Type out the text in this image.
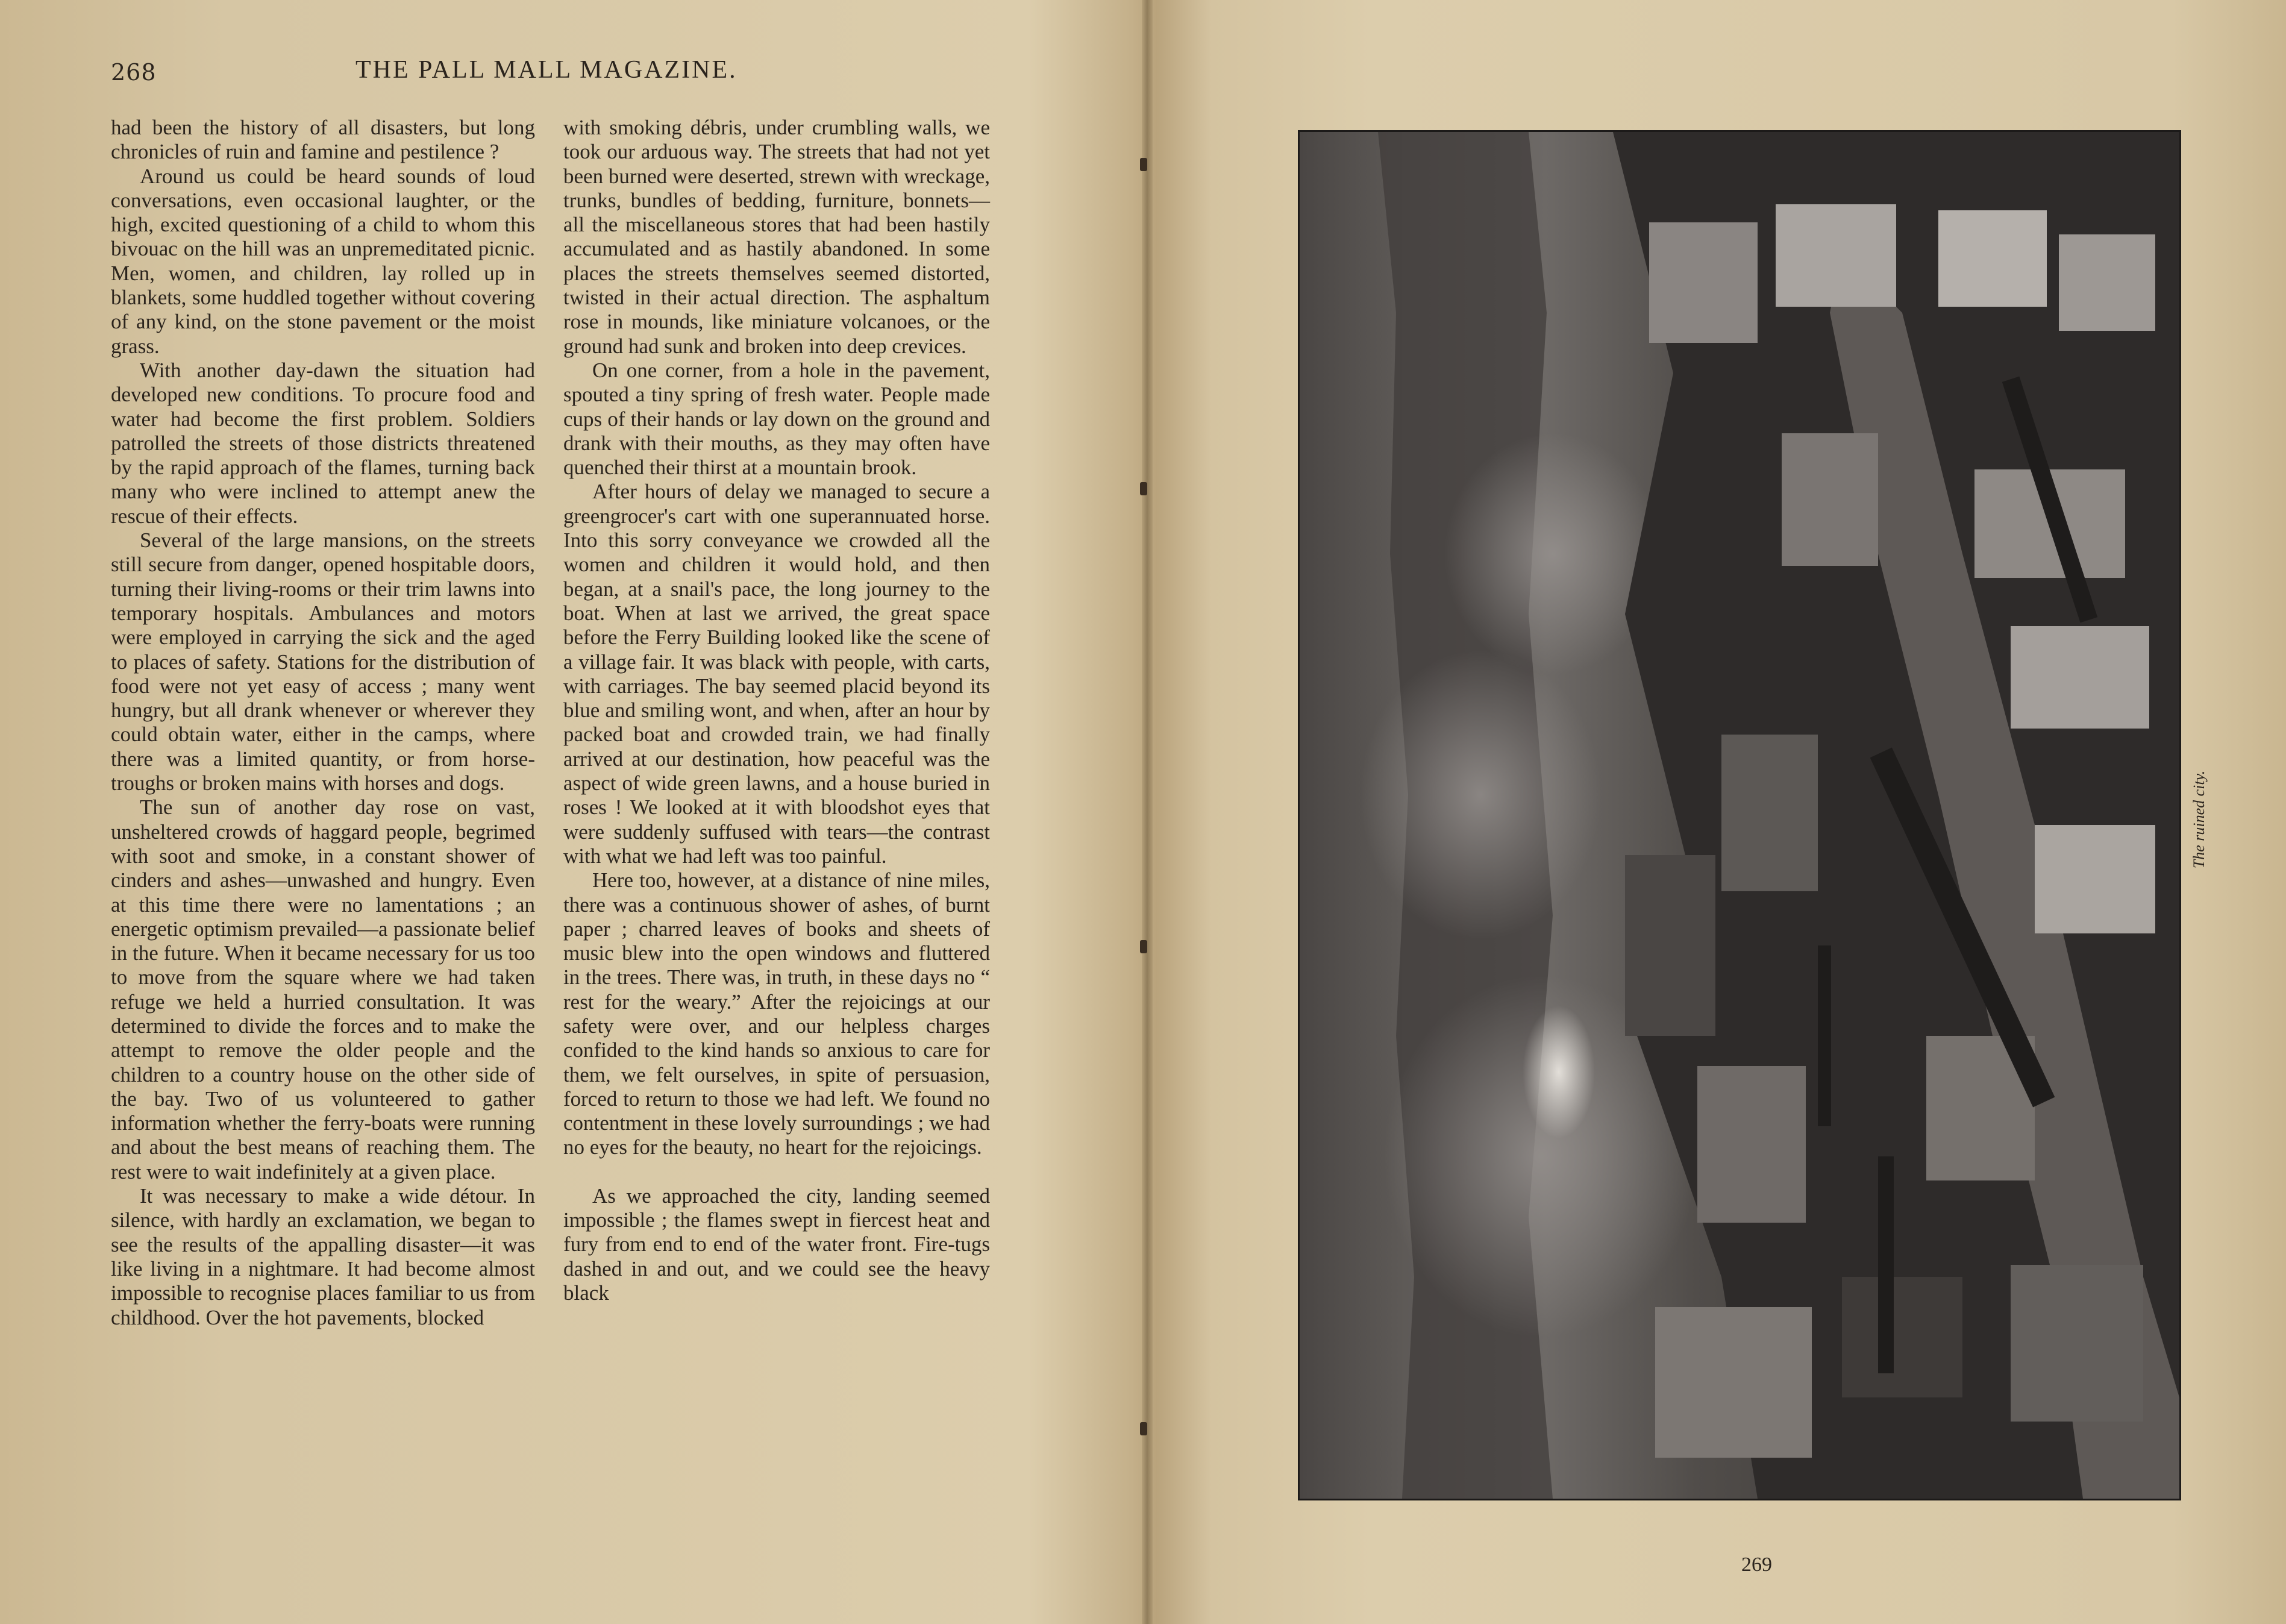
268	THE PALL MALL MAGAZINE.

had been the history of all disasters, but long chronicles of ruin and famine and pestilence ?

Around us could be heard sounds of loud conversations, even occasional laughter, or the high, excited questioning of a child to whom this bivouac on the hill was an unpremeditated picnic. Men, women, and children, lay rolled up in blankets, some huddled together without covering of any kind, on the stone pavement or the moist grass.

With another day-dawn the situation had developed new conditions. To procure food and water had become the first problem. Soldiers patrolled the streets of those districts threatened by the rapid approach of the flames, turning back many who were inclined to attempt anew the rescue of their effects.

Several of the large mansions, on the streets still secure from danger, opened hospitable doors, turning their living-rooms or their trim lawns into temporary hospitals. Ambulances and motors were employed in carrying the sick and the aged to places of safety. Stations for the distribution of food were not yet easy of access ; many went hungry, but all drank whenever or wherever they could obtain water, either in the camps, where there was a limited quantity, or from horse-troughs or broken mains with horses and dogs.

The sun of another day rose on vast, unsheltered crowds of haggard people, begrimed with soot and smoke, in a constant shower of cinders and ashes—unwashed and hungry. Even at this time there were no lamentations ; an energetic optimism prevailed—a passionate belief in the future. When it became necessary for us too to move from the square where we had taken refuge we held a hurried consultation. It was determined to divide the forces and to make the attempt to remove the older people and the children to a country house on the other side of the bay. Two of us volunteered to gather information whether the ferry-boats were running and about the best means of reaching them. The rest were to wait indefinitely at a given place.

It was necessary to make a wide détour. In silence, with hardly an exclamation, we began to see the results of the appalling disaster—it was like living in a nightmare. It had become almost impossible to recognise places familiar to us from childhood. Over the hot pavements, blocked

with smoking débris, under crumbling walls, we took our arduous way. The streets that had not yet been burned were deserted, strewn with wreckage, trunks, bundles of bedding, furniture, bonnets—all the miscellaneous stores that had been hastily accumulated and as hastily abandoned. In some places the streets themselves seemed distorted, twisted in their actual direction. The asphaltum rose in mounds, like miniature volcanoes, or the ground had sunk and broken into deep crevices.

On one corner, from a hole in the pavement, spouted a tiny spring of fresh water. People made cups of their hands or lay down on the ground and drank with their mouths, as they may often have quenched their thirst at a mountain brook.

After hours of delay we managed to secure a greengrocer's cart with one superannuated horse. Into this sorry conveyance we crowded all the women and children it would hold, and then began, at a snail's pace, the long journey to the boat. When at last we arrived, the great space before the Ferry Building looked like the scene of a village fair. It was black with people, with carts, with carriages. The bay seemed placid beyond its blue and smiling wont, and when, after an hour by packed boat and crowded train, we had finally arrived at our destination, how peaceful was the aspect of wide green lawns, and a house buried in roses ! We looked at it with bloodshot eyes that were suddenly suffused with tears—the contrast with what we had left was too painful.

Here too, however, at a distance of nine miles, there was a continuous shower of ashes, of burnt paper ; charred leaves of books and sheets of music blew into the open windows and fluttered in the trees. There was, in truth, in these days no “ rest for the weary.” After the rejoicings at our safety were over, and our helpless charges confided to the kind hands so anxious to care for them, we felt ourselves, in spite of persuasion, forced to return to those we had left. We found no contentment in these lovely surroundings ; we had no eyes for the beauty, no heart for the rejoicings.

As we approached the city, landing seemed impossible ; the flames swept in fiercest heat and fury from end to end of the water front. Fire-tugs dashed in and out, and we could see the heavy black

The ruined city.
269
